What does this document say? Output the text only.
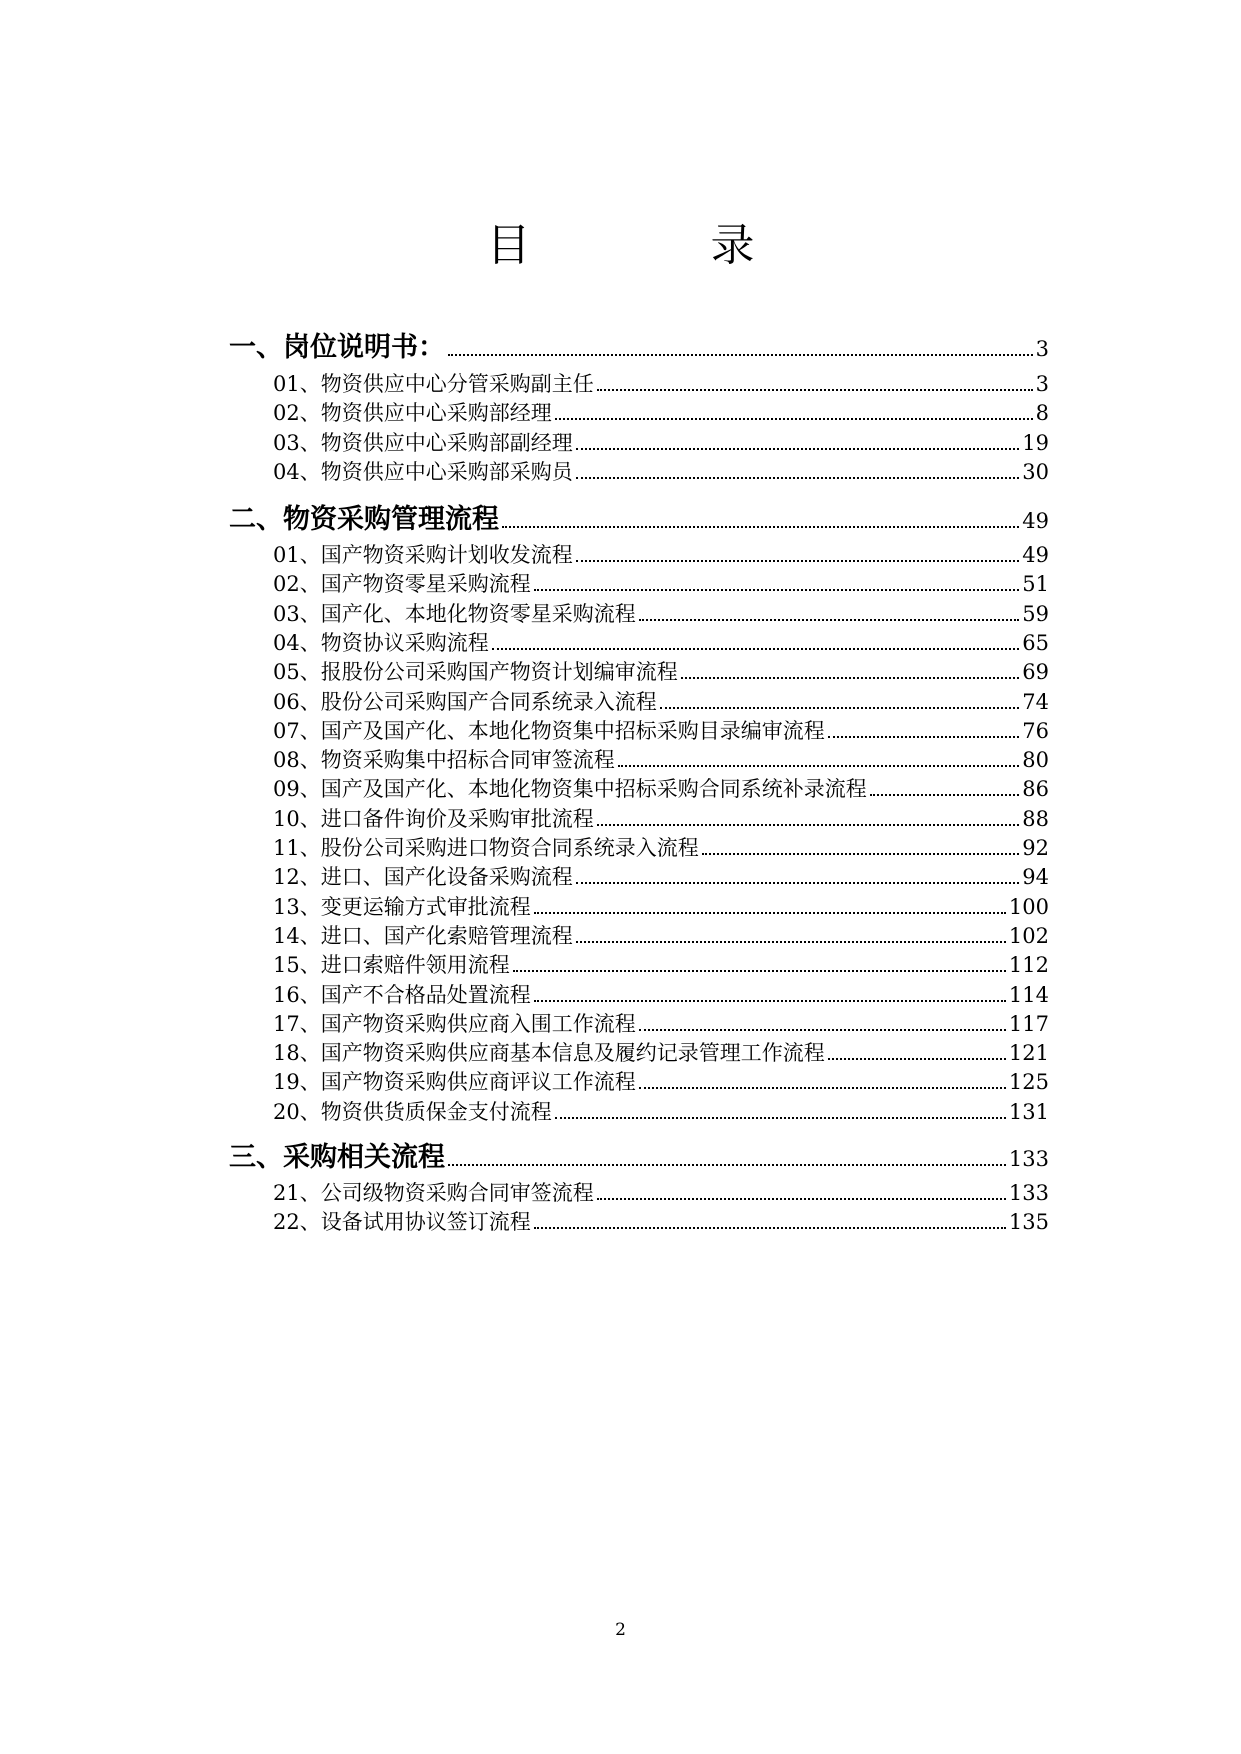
目　录
一、岗位说明书：	3
01、物资供应中心分管采购副主任	3
02、物资供应中心采购部经理	8
03、物资供应中心采购部副经理	19
04、物资供应中心采购部采购员	30
二、物资采购管理流程	49
01、国产物资采购计划收发流程	49
02、国产物资零星采购流程	51
03、国产化、本地化物资零星采购流程	59
04、物资协议采购流程	65
05、报股份公司采购国产物资计划编审流程	69
06、股份公司采购国产合同系统录入流程	74
07、国产及国产化、本地化物资集中招标采购目录编审流程	76
08、物资采购集中招标合同审签流程	80
09、国产及国产化、本地化物资集中招标采购合同系统补录流程	86
10、进口备件询价及采购审批流程	88
11、股份公司采购进口物资合同系统录入流程	92
12、进口、国产化设备采购流程	94
13、变更运输方式审批流程	100
14、进口、国产化索赔管理流程	102
15、进口索赔件领用流程	112
16、国产不合格品处置流程	114
17、国产物资采购供应商入围工作流程	117
18、国产物资采购供应商基本信息及履约记录管理工作流程	121
19、国产物资采购供应商评议工作流程	125
20、物资供货质保金支付流程	131
三、采购相关流程	133
21、公司级物资采购合同审签流程	133
22、设备试用协议签订流程	135
2
